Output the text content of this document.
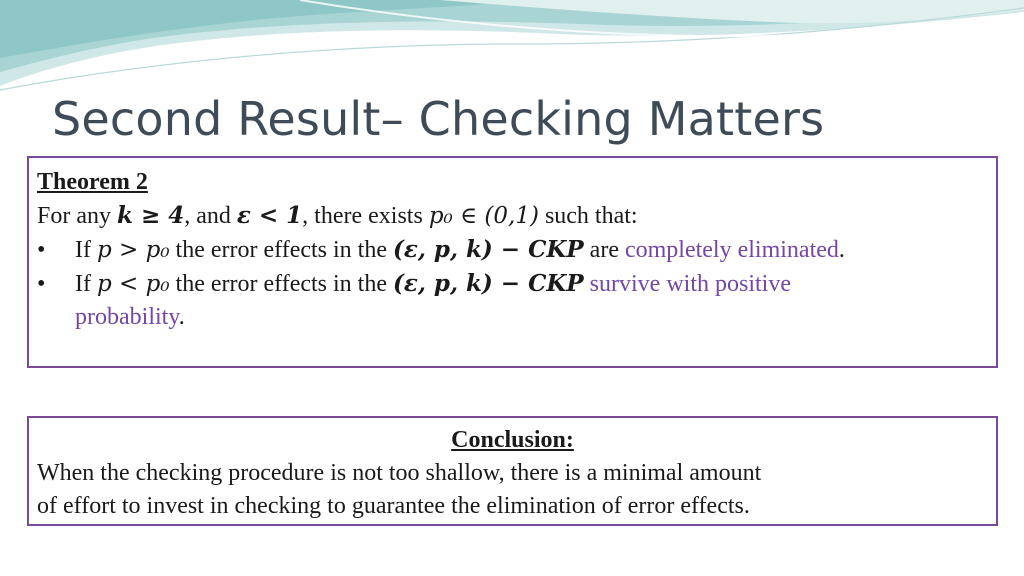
Second Result– Checking Matters
Theorem 2
For any k ≥ 4, and ε < 1, there exists p₀ ∈ (0,1) such that:
• If p > p₀ the error effects in the (ε, p, k) − CKP are completely eliminated.
• If p < p₀ the error effects in the (ε, p, k) − CKP survive with positive
probability.
Conclusion:
When the checking procedure is not too shallow, there is a minimal amount
of effort to invest in checking to guarantee the elimination of error effects.
